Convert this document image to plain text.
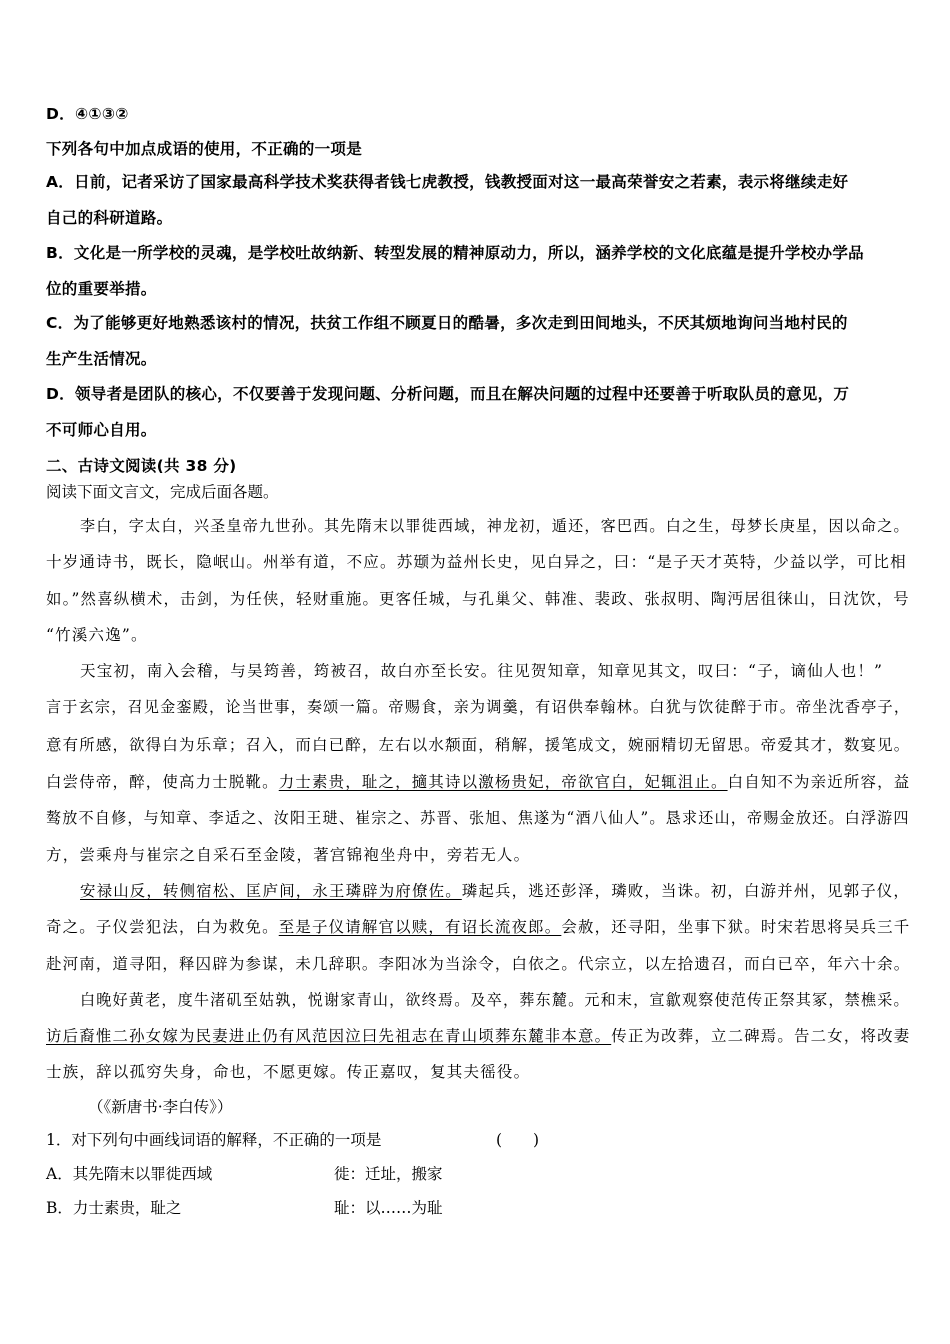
D．④①③②
下列各句中加点成语的使用，不正确的一项是
A．日前，记者采访了国家最高科学技术奖获得者钱七虎教授，钱教授面对这一最高荣誉安之若素，表示将继续走好
自己的科研道路。
B．文化是一所学校的灵魂，是学校吐故纳新、转型发展的精神原动力，所以，涵养学校的文化底蕴是提升学校办学品
位的重要举措。
C．为了能够更好地熟悉该村的情况，扶贫工作组不顾夏日的酷暑，多次走到田间地头，不厌其烦地询问当地村民的
生产生活情况。
D．领导者是团队的核心，不仅要善于发现问题、分析问题，而且在解决问题的过程中还要善于听取队员的意见，万
不可师心自用。
二、古诗文阅读(共 38 分)
阅读下面文言文，完成后面各题。
李白，字太白，兴圣皇帝九世孙。其先隋末以罪徙西域，神龙初，遁还，客巴西。白之生，母梦长庚星，因以命之。
十岁通诗书，既长，隐岷山。州举有道，不应。苏颋为益州长史，见白异之，曰：“是子天才英特，少益以学，可比相
如。”然喜纵横术，击剑，为任侠，轻财重施。更客任城，与孔巢父、韩准、裴政、张叔明、陶沔居徂徕山，日沈饮，号
“竹溪六逸”。
天宝初，南入会稽，与吴筠善，筠被召，故白亦至长安。往见贺知章，知章见其文，叹曰：“子，谪仙人也！”
言于玄宗，召见金銮殿，论当世事，奏颂一篇。帝赐食，亲为调羹，有诏供奉翰林。白犹与饮徒醉于市。帝坐沈香亭子，
意有所感，欲得白为乐章；召入，而白已醉，左右以水颒面，稍解，援笔成文，婉丽精切无留思。帝爱其才，数宴见。
白尝侍帝，醉，使高力士脱靴。力士素贵，耻之，擿其诗以激杨贵妃，帝欲官白，妃辄沮止。白自知不为亲近所容，益
骜放不自修，与知章、李适之、汝阳王琎、崔宗之、苏晋、张旭、焦遂为“酒八仙人”。恳求还山，帝赐金放还。白浮游四
方，尝乘舟与崔宗之自采石至金陵，著宫锦袍坐舟中，旁若无人。
安禄山反，转侧宿松、匡庐间，永王璘辟为府僚佐。璘起兵，逃还彭泽，璘败，当诛。初，白游并州，见郭子仪，
奇之。子仪尝犯法，白为救免。至是子仪请解官以赎，有诏长流夜郎。会赦，还寻阳，坐事下狱。时宋若思将吴兵三千
赴河南，道寻阳，释囚辟为参谋，未几辞职。李阳冰为当涂令，白依之。代宗立，以左拾遗召，而白已卒，年六十余。
白晚好黄老，度牛渚矶至姑孰，悦谢家青山，欲终焉。及卒，葬东麓。元和末，宣歙观察使范传正祭其冢，禁樵采。
访后裔惟二孙女嫁为民妻进止仍有风范因泣曰先祖志在青山顷葬东麓非本意。传正为改葬，立二碑焉。告二女，将改妻
士族，辞以孤穷失身，命也，不愿更嫁。传正嘉叹，复其夫徭役。
（《新唐书·李白传》）
1．对下列句中画线词语的解释，不正确的一项是	(　　)
A．其先隋末以罪徙西域	徙：迁址，搬家
B．力士素贵，耻之	耻：以……为耻
